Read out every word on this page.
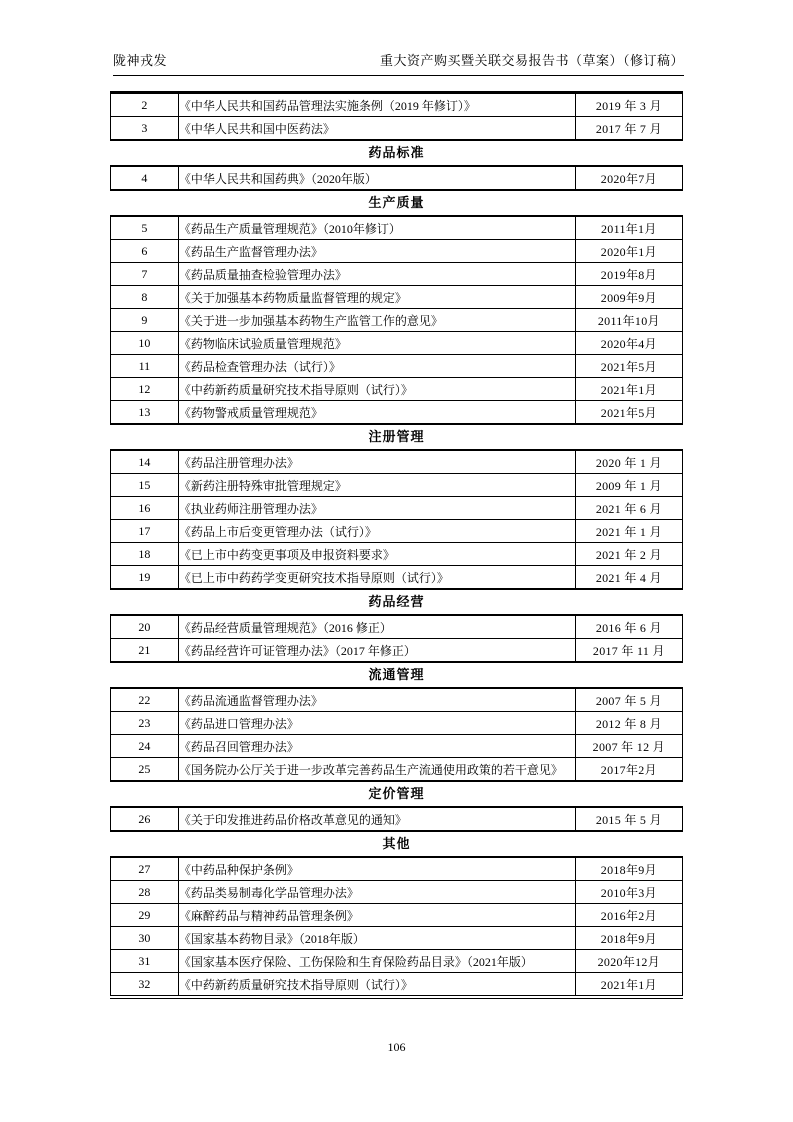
陇神戎发	重大资产购买暨关联交易报告书（草案）（修订稿）
2	《中华人民共和国药品管理法实施条例（2019 年修订）》	2019 年 3 月
3	《中华人民共和国中医药法》	2017 年 7 月
药品标准
4	《中华人民共和国药典》（2020年版）	2020年7月
生产质量
5	《药品生产质量管理规范》（2010年修订）	2011年1月
6	《药品生产监督管理办法》	2020年1月
7	《药品质量抽查检验管理办法》	2019年8月
8	《关于加强基本药物质量监督管理的规定》	2009年9月
9	《关于进一步加强基本药物生产监管工作的意见》	2011年10月
10	《药物临床试验质量管理规范》	2020年4月
11	《药品检查管理办法（试行）》	2021年5月
12	《中药新药质量研究技术指导原则（试行）》	2021年1月
13	《药物警戒质量管理规范》	2021年5月
注册管理
14	《药品注册管理办法》	2020 年 1 月
15	《新药注册特殊审批管理规定》	2009 年 1 月
16	《执业药师注册管理办法》	2021 年 6 月
17	《药品上市后变更管理办法（试行）》	2021 年 1 月
18	《已上市中药变更事项及申报资料要求》	2021 年 2 月
19	《已上市中药药学变更研究技术指导原则（试行）》	2021 年 4 月
药品经营
20	《药品经营质量管理规范》（2016 修正）	2016 年 6 月
21	《药品经营许可证管理办法》（2017 年修正）	2017 年 11 月
流通管理
22	《药品流通监督管理办法》	2007 年 5 月
23	《药品进口管理办法》	2012 年 8 月
24	《药品召回管理办法》	2007 年 12 月
25	《国务院办公厅关于进一步改革完善药品生产流通使用政策的若干意见》	2017年2月
定价管理
26	《关于印发推进药品价格改革意见的通知》	2015 年 5 月
其他
27	《中药品种保护条例》	2018年9月
28	《药品类易制毒化学品管理办法》	2010年3月
29	《麻醉药品与精神药品管理条例》	2016年2月
30	《国家基本药物目录》（2018年版）	2018年9月
31	《国家基本医疗保险、工伤保险和生育保险药品目录》（2021年版）	2020年12月
32	《中药新药质量研究技术指导原则（试行）》	2021年1月
106
